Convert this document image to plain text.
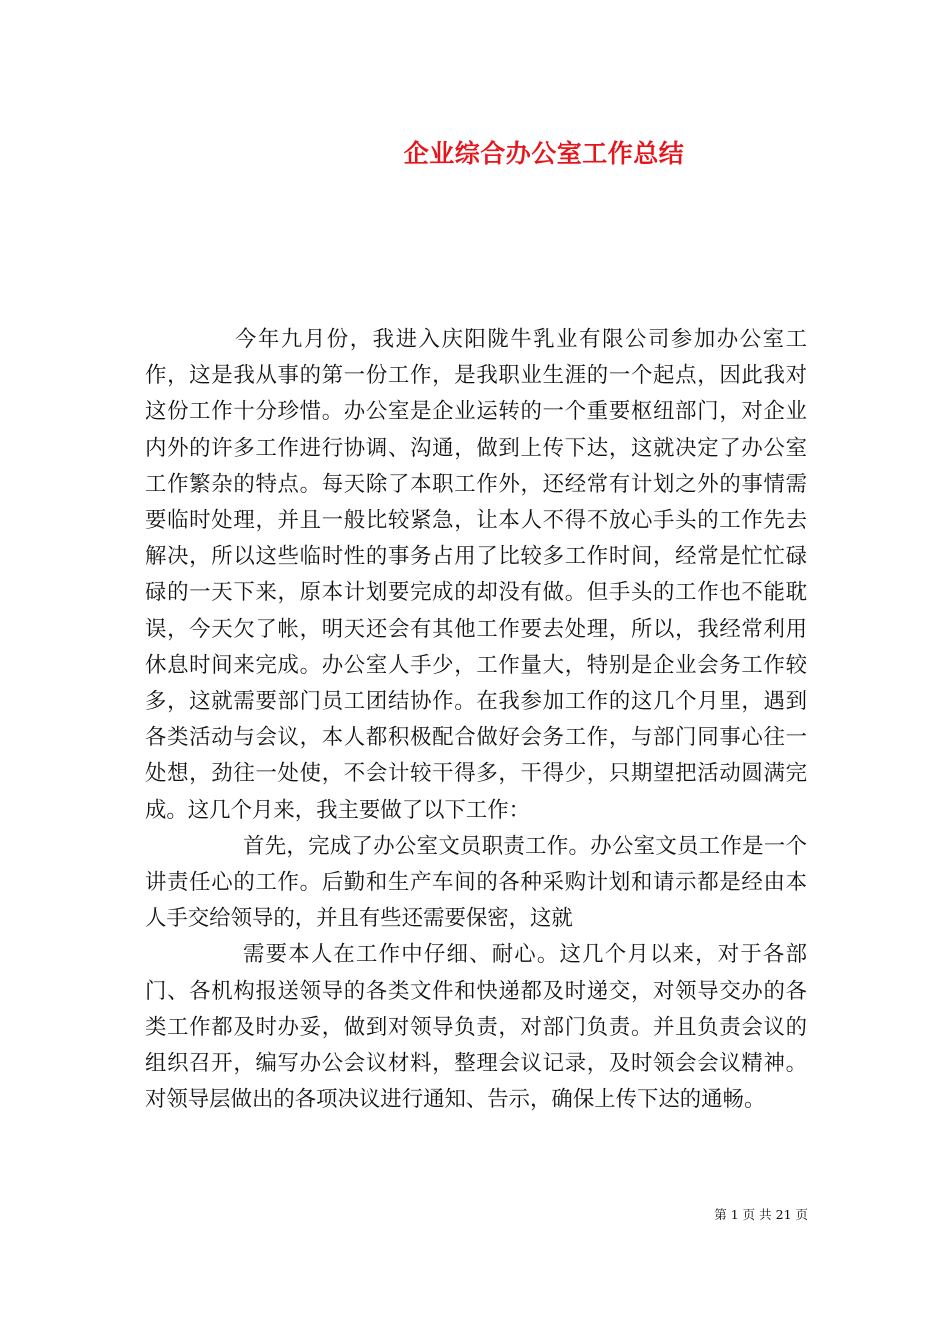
企业综合办公室工作总结

今年九月份，我进入庆阳陇牛乳业有限公司参加办公室工作，这是我从事的第一份工作，是我职业生涯的一个起点，因此我对这份工作十分珍惜。办公室是企业运转的一个重要枢纽部门，对企业内外的许多工作进行协调、沟通，做到上传下达，这就决定了办公室工作繁杂的特点。每天除了本职工作外，还经常有计划之外的事情需要临时处理，并且一般比较紧急，让本人不得不放心手头的工作先去解决，所以这些临时性的事务占用了比较多工作时间，经常是忙忙碌碌的一天下来，原本计划要完成的却没有做。但手头的工作也不能耽误，今天欠了帐，明天还会有其他工作要去处理，所以，我经常利用休息时间来完成。办公室人手少，工作量大，特别是企业会务工作较多，这就需要部门员工团结协作。在我参加工作的这几个月里，遇到各类活动与会议，本人都积极配合做好会务工作，与部门同事心往一处想，劲往一处使，不会计较干得多，干得少，只期望把活动圆满完成。这几个月来，我主要做了以下工作：

首先，完成了办公室文员职责工作。办公室文员工作是一个讲责任心的工作。后勤和生产车间的各种采购计划和请示都是经由本人手交给领导的，并且有些还需要保密，这就

需要本人在工作中仔细、耐心。这几个月以来，对于各部门、各机构报送领导的各类文件和快递都及时递交，对领导交办的各类工作都及时办妥，做到对领导负责，对部门负责。并且负责会议的组织召开，编写办公会议材料，整理会议记录，及时领会会议精神。对领导层做出的各项决议进行通知、告示，确保上传下达的通畅。

第 1 页 共 21 页
